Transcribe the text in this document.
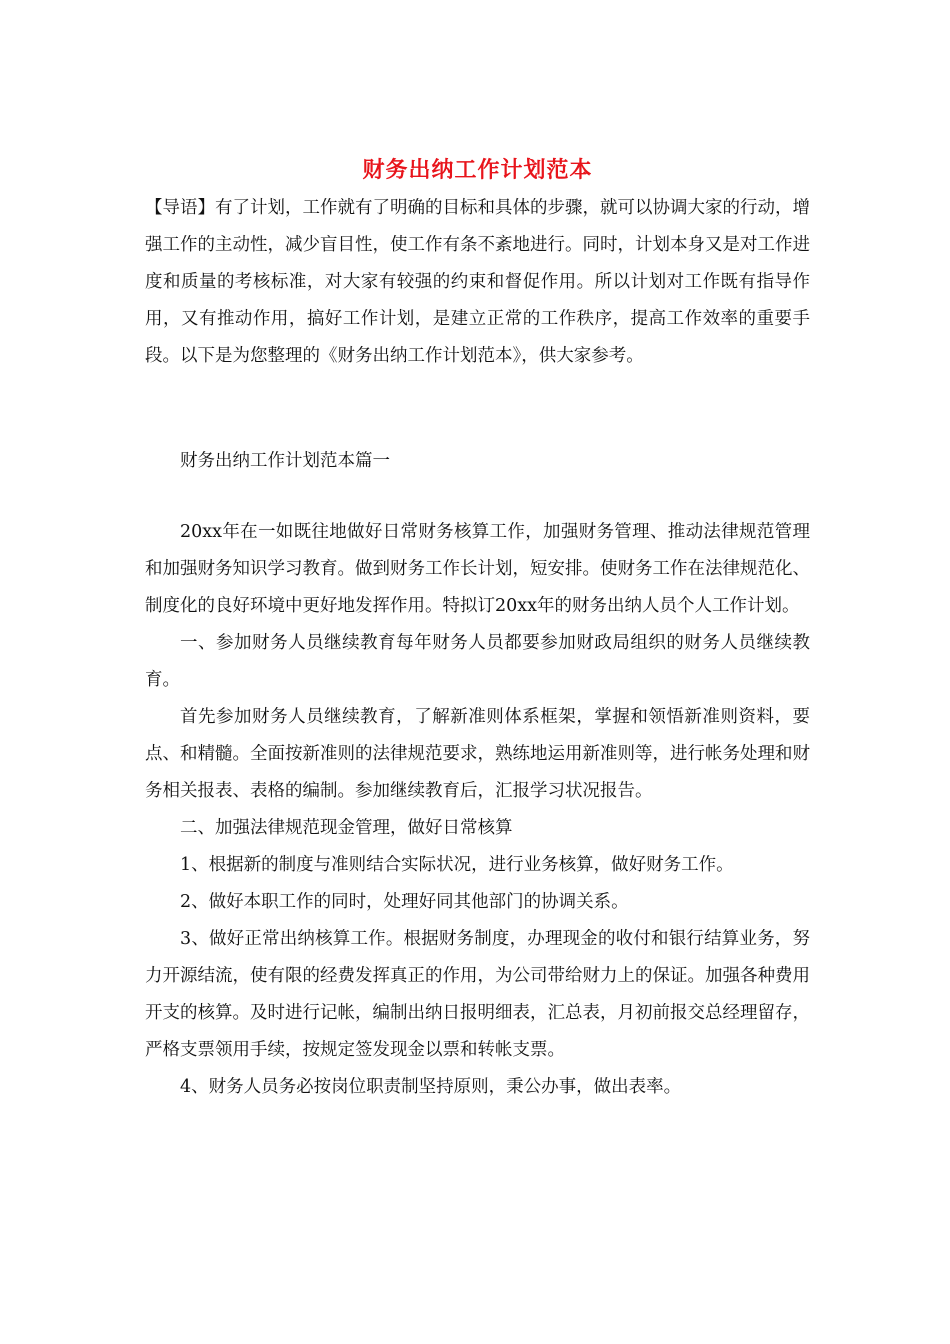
财务出纳工作计划范本

【导语】有了计划，工作就有了明确的目标和具体的步骤，就可以协调大家的行动，增强工作的主动性，减少盲目性，使工作有条不紊地进行。同时，计划本身又是对工作进度和质量的考核标准，对大家有较强的约束和督促作用。所以计划对工作既有指导作用，又有推动作用，搞好工作计划，是建立正常的工作秩序，提高工作效率的重要手段。以下是为您整理的《财务出纳工作计划范本》，供大家参考。

财务出纳工作计划范本篇一

20xx年在一如既往地做好日常财务核算工作，加强财务管理、推动法律规范管理和加强财务知识学习教育。做到财务工作长计划，短安排。使财务工作在法律规范化、制度化的良好环境中更好地发挥作用。特拟订20xx年的财务出纳人员个人工作计划。

一、参加财务人员继续教育每年财务人员都要参加财政局组织的财务人员继续教育。

首先参加财务人员继续教育，了解新准则体系框架，掌握和领悟新准则资料，要点、和精髓。全面按新准则的法律规范要求，熟练地运用新准则等，进行帐务处理和财务相关报表、表格的编制。参加继续教育后，汇报学习状况报告。

二、加强法律规范现金管理，做好日常核算

1、根据新的制度与准则结合实际状况，进行业务核算，做好财务工作。

2、做好本职工作的同时，处理好同其他部门的协调关系。

3、做好正常出纳核算工作。根据财务制度，办理现金的收付和银行结算业务，努力开源结流，使有限的经费发挥真正的作用，为公司带给财力上的保证。加强各种费用开支的核算。及时进行记帐，编制出纳日报明细表，汇总表，月初前报交总经理留存，严格支票领用手续，按规定签发现金以票和转帐支票。

4、财务人员务必按岗位职责制坚持原则，秉公办事，做出表率。
